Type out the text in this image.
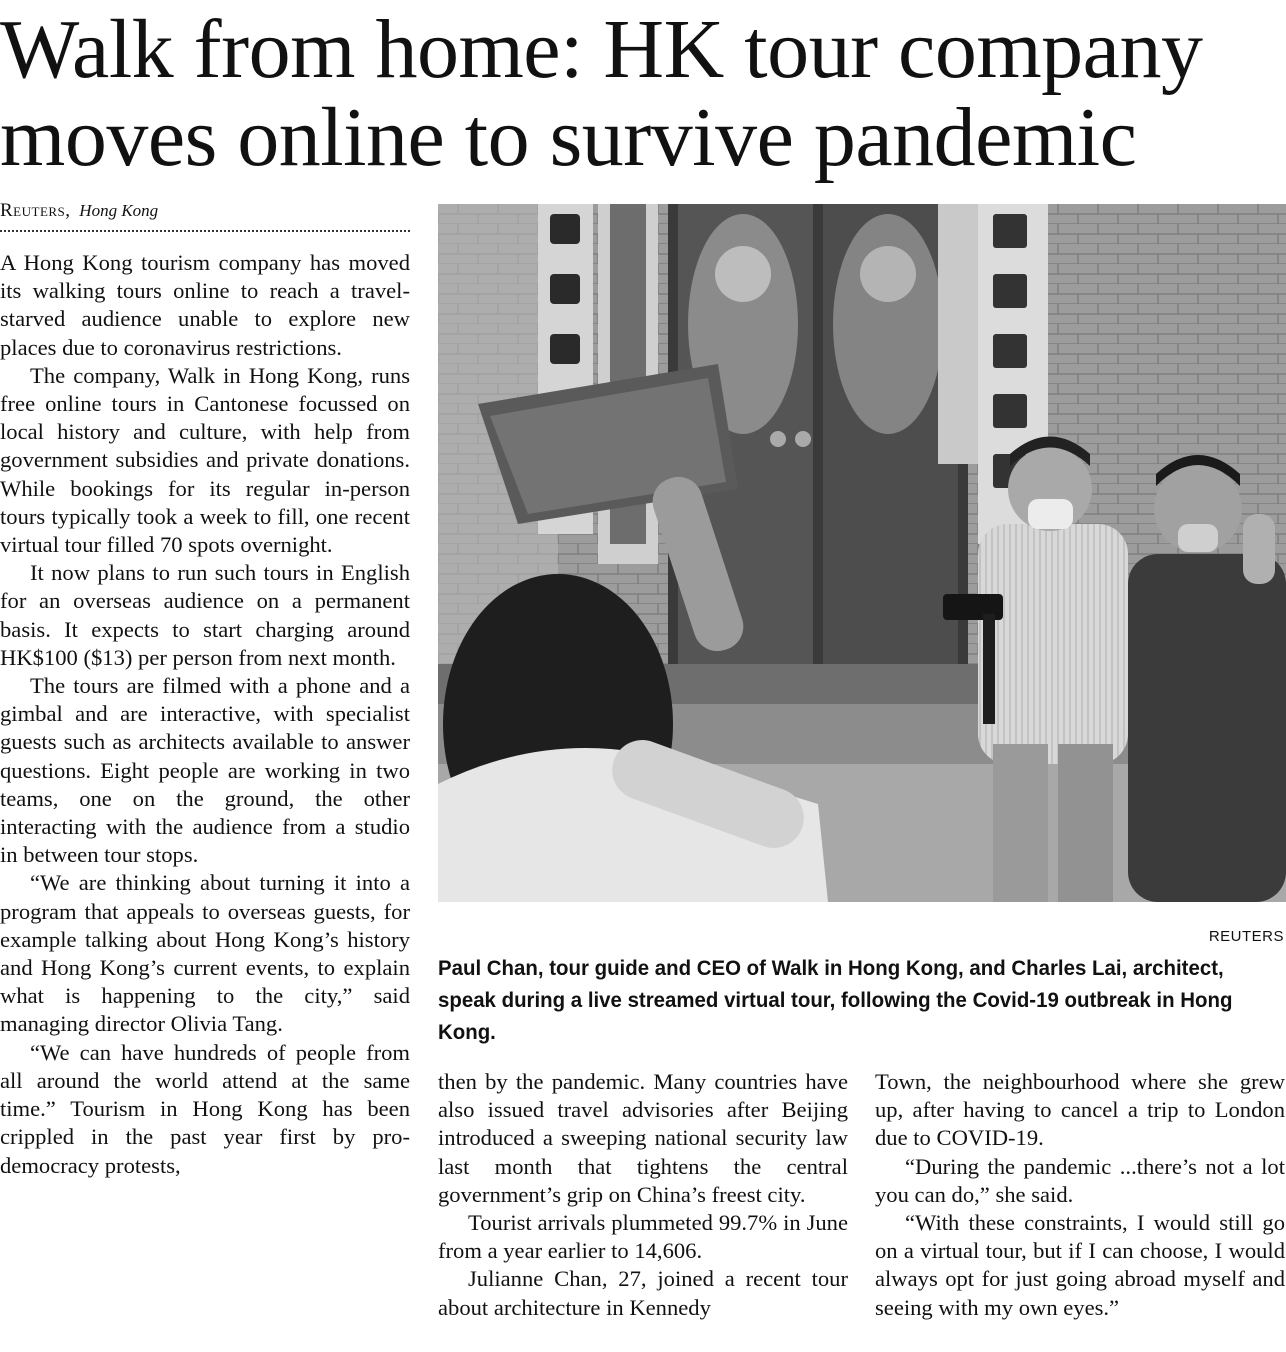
Walk from home: HK tour company moves online to survive pandemic
Reuters, Hong Kong

A Hong Kong tourism company has moved its walking tours online to reach a travel-starved audience unable to explore new places due to coronavirus restrictions.

The company, Walk in Hong Kong, runs free online tours in Cantonese focussed on local history and culture, with help from government subsidies and private donations. While bookings for its regular in-person tours typically took a week to fill, one recent virtual tour filled 70 spots overnight.

It now plans to run such tours in English for an overseas audience on a permanent basis. It expects to start charging around HK$100 ($13) per person from next month.

The tours are filmed with a phone and a gimbal and are interactive, with specialist guests such as architects available to answer questions. Eight people are working in two teams, one on the ground, the other interacting with the audience from a studio in between tour stops.

“We are thinking about turning it into a program that appeals to overseas guests, for example talking about Hong Kong’s history and Hong Kong’s current events, to explain what is happening to the city,” said managing director Olivia Tang.

“We can have hundreds of people from all around the world attend at the same time.” Tourism in Hong Kong has been crippled in the past year first by pro-democracy protests,

REUTERS
Paul Chan, tour guide and CEO of Walk in Hong Kong, and Charles Lai, architect, speak during a live streamed virtual tour, following the Covid-19 outbreak in Hong Kong.

then by the pandemic. Many countries have also issued travel advisories after Beijing introduced a sweeping national security law last month that tightens the central government’s grip on China’s freest city.

Tourist arrivals plummeted 99.7% in June from a year earlier to 14,606.

Julianne Chan, 27, joined a recent tour about architecture in Kennedy

Town, the neighbourhood where she grew up, after having to cancel a trip to London due to COVID-19.

“During the pandemic ...there’s not a lot you can do,” she said.

“With these constraints, I would still go on a virtual tour, but if I can choose, I would always opt for just going abroad myself and seeing with my own eyes.”
